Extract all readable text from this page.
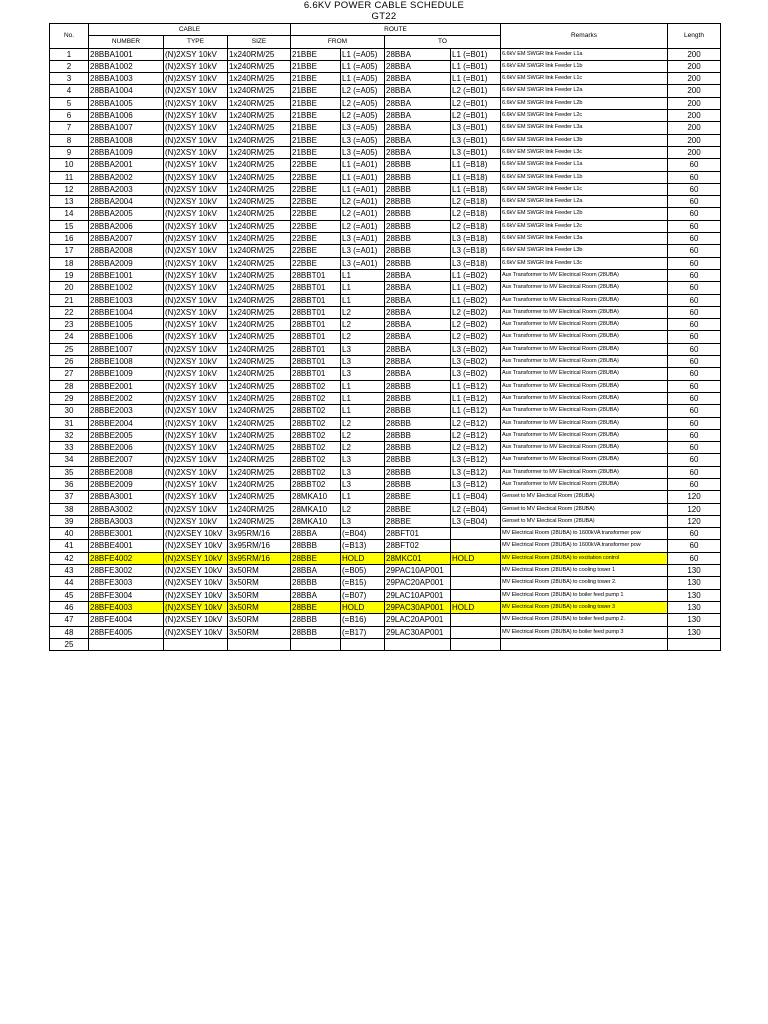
6.6KV POWER CABLE SCHEDULE
GT22
No.	CABLE			ROUTE				Remarks	Length
	NUMBER	TYPE	SIZE	FROM		TO			
1	28BBA1001	(N)2XSY 10kV	1x240RM/25	21BBE	L1 (=A05)	28BBA	L1 (=B01)	6.6kV EM SWGR link Feeder L1a	200
2	28BBA1002	(N)2XSY 10kV	1x240RM/25	21BBE	L1 (=A05)	28BBA	L1 (=B01)	6.6kV EM SWGR link Feeder L1b	200
3	28BBA1003	(N)2XSY 10kV	1x240RM/25	21BBE	L1 (=A05)	28BBA	L1 (=B01)	6.6kV EM SWGR link Feeder L1c	200
4	28BBA1004	(N)2XSY 10kV	1x240RM/25	21BBE	L2 (=A05)	28BBA	L2 (=B01)	6.6kV EM SWGR link Feeder L2a	200
5	28BBA1005	(N)2XSY 10kV	1x240RM/25	21BBE	L2 (=A05)	28BBA	L2 (=B01)	6.6kV EM SWGR link Feeder L2b	200
6	28BBA1006	(N)2XSY 10kV	1x240RM/25	21BBE	L2 (=A05)	28BBA	L2 (=B01)	6.6kV EM SWGR link Feeder L2c	200
7	28BBA1007	(N)2XSY 10kV	1x240RM/25	21BBE	L3 (=A05)	28BBA	L3 (=B01)	6.6kV EM SWGR link Feeder L3a	200
8	28BBA1008	(N)2XSY 10kV	1x240RM/25	21BBE	L3 (=A05)	28BBA	L3 (=B01)	6.6kV EM SWGR link Feeder L3b	200
9	28BBA1009	(N)2XSY 10kV	1x240RM/25	21BBE	L3 (=A05)	28BBA	L3 (=B01)	6.6kV EM SWGR link Feeder L3c	200
10	28BBA2001	(N)2XSY 10kV	1x240RM/25	22BBE	L1 (=A01)	28BBB	L1 (=B18)	6.6kV EM SWGR link Feeder L1a	60
11	28BBA2002	(N)2XSY 10kV	1x240RM/25	22BBE	L1 (=A01)	28BBB	L1 (=B18)	6.6kV EM SWGR link Feeder L1b	60
12	28BBA2003	(N)2XSY 10kV	1x240RM/25	22BBE	L1 (=A01)	28BBB	L1 (=B18)	6.6kV EM SWGR link Feeder L1c	60
13	28BBA2004	(N)2XSY 10kV	1x240RM/25	22BBE	L2 (=A01)	28BBB	L2 (=B18)	6.6kV EM SWGR link Feeder L2a	60
14	28BBA2005	(N)2XSY 10kV	1x240RM/25	22BBE	L2 (=A01)	28BBB	L2 (=B18)	6.6kV EM SWGR link Feeder L2b	60
15	28BBA2006	(N)2XSY 10kV	1x240RM/25	22BBE	L2 (=A01)	28BBB	L2 (=B18)	6.6kV EM SWGR link Feeder L2c	60
16	28BBA2007	(N)2XSY 10kV	1x240RM/25	22BBE	L3 (=A01)	28BBB	L3 (=B18)	6.6kV EM SWGR link Feeder L3a	60
17	28BBA2008	(N)2XSY 10kV	1x240RM/25	22BBE	L3 (=A01)	28BBB	L3 (=B18)	6.6kV EM SWGR link Feeder L3b	60
18	28BBA2009	(N)2XSY 10kV	1x240RM/25	22BBE	L3 (=A01)	28BBB	L3 (=B18)	6.6kV EM SWGR link Feeder L3c	60
19	28BBE1001	(N)2XSY 10kV	1x240RM/25	28BBT01	L1	28BBA	L1 (=B02)	Aux Transformer to MV Electrical Room (28UBA)	60
20	28BBE1002	(N)2XSY 10kV	1x240RM/25	28BBT01	L1	28BBA	L1 (=B02)	Aux Transformer to MV Electrical Room (28UBA)	60
21	28BBE1003	(N)2XSY 10kV	1x240RM/25	28BBT01	L1	28BBA	L1 (=B02)	Aux Transformer to MV Electrical Room (28UBA)	60
22	28BBE1004	(N)2XSY 10kV	1x240RM/25	28BBT01	L2	28BBA	L2 (=B02)	Aux Transformer to MV Electrical Room (28UBA)	60
23	28BBE1005	(N)2XSY 10kV	1x240RM/25	28BBT01	L2	28BBA	L2 (=B02)	Aux Transformer to MV Electrical Room (28UBA)	60
24	28BBE1006	(N)2XSY 10kV	1x240RM/25	28BBT01	L2	28BBA	L2 (=B02)	Aux Transformer to MV Electrical Room (28UBA)	60
25	28BBE1007	(N)2XSY 10kV	1x240RM/25	28BBT01	L3	28BBA	L3 (=B02)	Aux Transformer to MV Electrical Room (28UBA)	60
26	28BBE1008	(N)2XSY 10kV	1x240RM/25	28BBT01	L3	28BBA	L3 (=B02)	Aux Transformer to MV Electrical Room (28UBA)	60
27	28BBE1009	(N)2XSY 10kV	1x240RM/25	28BBT01	L3	28BBA	L3 (=B02)	Aux Transformer to MV Electrical Room (28UBA)	60
28	28BBE2001	(N)2XSY 10kV	1x240RM/25	28BBT02	L1	28BBB	L1 (=B12)	Aux Transformer to MV Electrical Room (28UBA)	60
29	28BBE2002	(N)2XSY 10kV	1x240RM/25	28BBT02	L1	28BBB	L1 (=B12)	Aux Transformer to MV Electrical Room (28UBA)	60
30	28BBE2003	(N)2XSY 10kV	1x240RM/25	28BBT02	L1	28BBB	L1 (=B12)	Aux Transformer to MV Electrical Room (28UBA)	60
31	28BBE2004	(N)2XSY 10kV	1x240RM/25	28BBT02	L2	28BBB	L2 (=B12)	Aux Transformer to MV Electrical Room (28UBA)	60
32	28BBE2005	(N)2XSY 10kV	1x240RM/25	28BBT02	L2	28BBB	L2 (=B12)	Aux Transformer to MV Electrical Room (28UBA)	60
33	28BBE2006	(N)2XSY 10kV	1x240RM/25	28BBT02	L2	28BBB	L2 (=B12)	Aux Transformer to MV Electrical Room (28UBA)	60
34	28BBE2007	(N)2XSY 10kV	1x240RM/25	28BBT02	L3	28BBB	L3 (=B12)	Aux Transformer to MV Electrical Room (28UBA)	60
35	28BBE2008	(N)2XSY 10kV	1x240RM/25	28BBT02	L3	28BBB	L3 (=B12)	Aux Transformer to MV Electrical Room (28UBA)	60
36	28BBE2009	(N)2XSY 10kV	1x240RM/25	28BBT02	L3	28BBB	L3 (=B12)	Aux Transformer to MV Electrical Room (28UBA)	60
37	28BBA3001	(N)2XSY 10kV	1x240RM/25	28MKA10	L1	28BBE	L1 (=B04)	Genset to MV Electical Room (28UBA)	120
38	28BBA3002	(N)2XSY 10kV	1x240RM/25	28MKA10	L2	28BBE	L2 (=B04)	Genset to MV Electical Room (28UBA)	120
39	28BBA3003	(N)2XSY 10kV	1x240RM/25	28MKA10	L3	28BBE	L3 (=B04)	Genset to MV Electical Room (28UBA)	120
40	28BBE3001	(N)2XSEY 10kV	3x95RM/16	28BBA	(=B04)	28BFT01		MV Electrical Room (28UBA) to 1600kVA transformer pow	60
41	28BBE4001	(N)2XSEY 10kV	3x95RM/16	28BBB	(=B13)	28BFT02		MV Electrical Room (28UBA) to 1600kVA transformer pow	60
42	28BFE4002	(N)2XSEY 10kV	3x95RM/16	28BBE	HOLD	28MKC01	HOLD	MV Electrical Room (28UBA) to excitation control	60
43	28BFE3002	(N)2XSEY 10kV	3x50RM	28BBA	(=B05)	29PAC10AP001		MV Electrical Room (28UBA) to cooling tower 1	130
44	28BFE3003	(N)2XSEY 10kV	3x50RM	28BBB	(=B15)	29PAC20AP001		MV Electrical Room (28UBA) to cooling tower 2.	130
45	28BFE3004	(N)2XSEY 10kV	3x50RM	28BBA	(=B07)	29LAC10AP001		MV Electrical Room (28UBA) to boiler feed pump 1	130
46	28BFE4003	(N)2XSEY 10kV	3x50RM	28BBE	HOLD	29PAC30AP001	HOLD	MV Electrical Room (28UBA) to cooling tower 3	130
47	28BFE4004	(N)2XSEY 10kV	3x50RM	28BBB	(=B16)	29LAC20AP001		MV Electrical Room (28UBA) to boiler feed pump 2.	130
48	28BFE4005	(N)2XSEY 10kV	3x50RM	28BBB	(=B17)	29LAC30AP001		MV Electrical Room (28UBA) to boiler feed pump 3	130
25									
